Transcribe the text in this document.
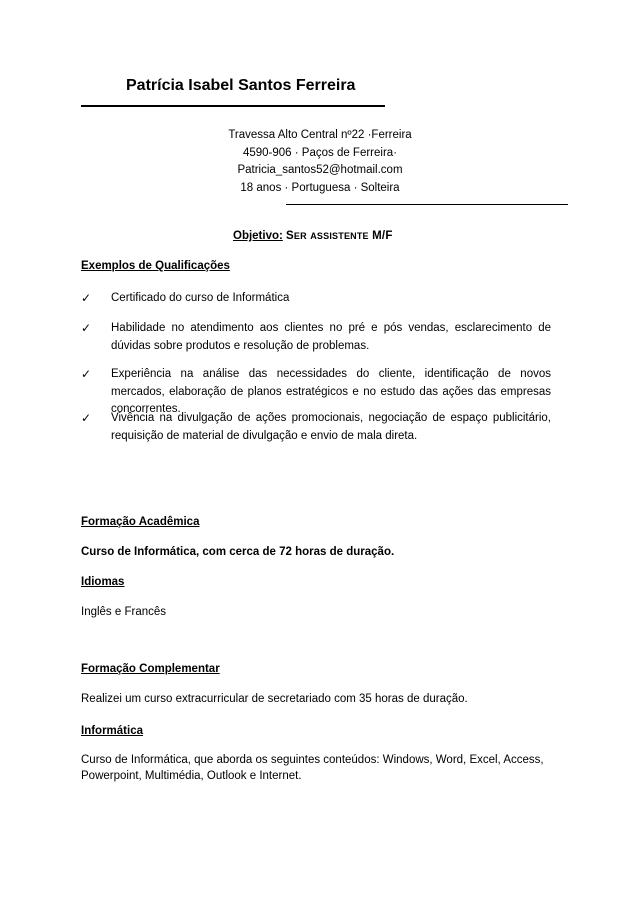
Patrícia Isabel Santos Ferreira
Travessa Alto Central nº22 ·Ferreira
4590-906 · Paços de Ferreira·
Patricia_santos52@hotmail.com
18 anos · Portuguesa · Solteira
Objetivo: SER ASSISTENTE M/F
Exemplos de Qualificações
✓ Certificado do curso de Informática
✓ Habilidade no atendimento aos clientes no pré e pós vendas, esclarecimento de dúvidas sobre produtos e resolução de problemas.
✓ Experiência na análise das necessidades do cliente, identificação de novos mercados, elaboração de planos estratégicos e no estudo das ações das empresas concorrentes.
✓ Vivência na divulgação de ações promocionais, negociação de espaço publicitário, requisição de material de divulgação e envio de mala direta.
Formação Acadêmica
Curso de Informática, com cerca de 72 horas de duração.
Idiomas
Inglês e Francês
Formação Complementar
Realizei um curso extracurricular de secretariado com 35 horas de duração.
Informática
Curso de Informática, que aborda os seguintes conteúdos: Windows, Word, Excel, Access, Powerpoint, Multimédia, Outlook e Internet.
